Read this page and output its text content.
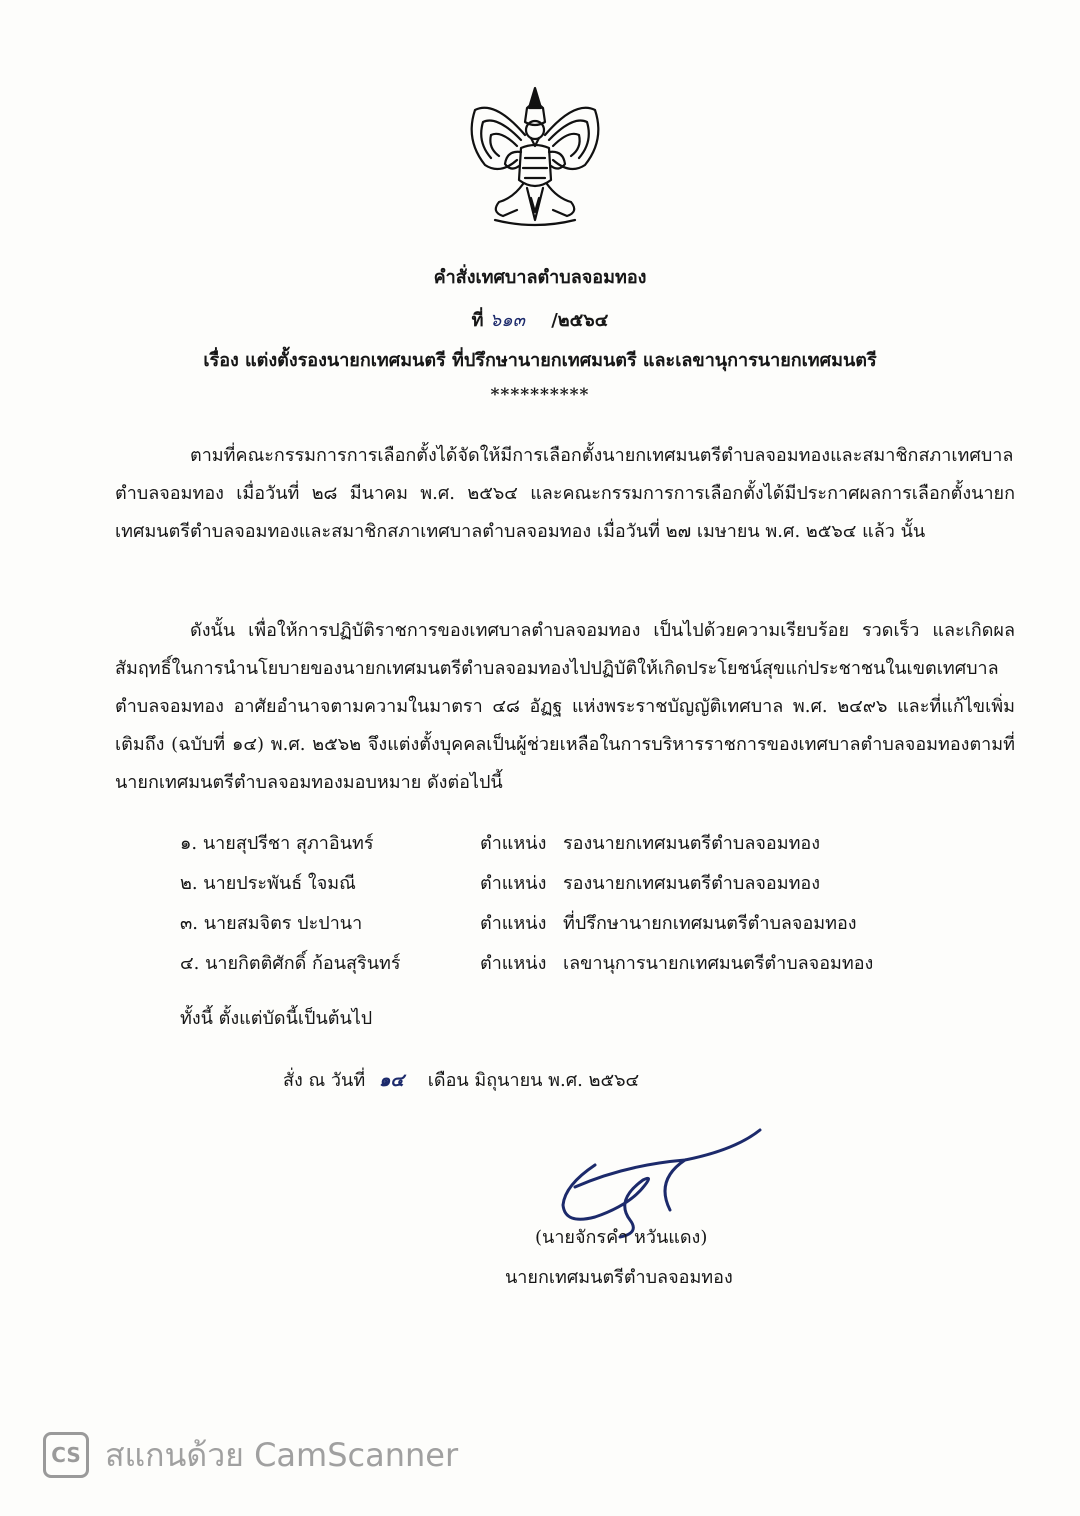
คำสั่งเทศบาลตำบลจอมทอง
ที่ ๖๑๓ /๒๕๖๔
เรื่อง แต่งตั้งรองนายกเทศมนตรี ที่ปรึกษานายกเทศมนตรี และเลขานุการนายกเทศมนตรี
**********

ตามที่คณะกรรมการการเลือกตั้งได้จัดให้มีการเลือกตั้งนายกเทศมนตรีตำบลจอมทองและสมาชิกสภาเทศบาลตำบลจอมทอง เมื่อวันที่ ๒๘ มีนาคม พ.ศ. ๒๕๖๔ และคณะกรรมการการเลือกตั้งได้มีประกาศผลการเลือกตั้งนายกเทศมนตรีตำบลจอมทองและสมาชิกสภาเทศบาลตำบลจอมทอง เมื่อวันที่ ๒๗ เมษายน พ.ศ. ๒๕๖๔ แล้ว นั้น

ดังนั้น เพื่อให้การปฏิบัติราชการของเทศบาลตำบลจอมทอง เป็นไปด้วยความเรียบร้อย รวดเร็ว และเกิดผลสัมฤทธิ์ในการนำนโยบายของนายกเทศมนตรีตำบลจอมทองไปปฏิบัติให้เกิดประโยชน์สุขแก่ประชาชนในเขตเทศบาลตำบลจอมทอง อาศัยอำนาจตามความในมาตรา ๔๘ อัฏฐ แห่งพระราชบัญญัติเทศบาล พ.ศ. ๒๔๙๖ และที่แก้ไขเพิ่มเติมถึง (ฉบับที่ ๑๔) พ.ศ. ๒๕๖๒ จึงแต่งตั้งบุคคลเป็นผู้ช่วยเหลือในการบริหารราชการของเทศบาลตำบลจอมทองตามที่นายกเทศมนตรีตำบลจอมทองมอบหมาย ดังต่อไปนี้

๑. นายสุปรีชา สุภาอินทร์	ตำแหน่ง รองนายกเทศมนตรีตำบลจอมทอง
๒. นายประพันธ์ ใจมณี	ตำแหน่ง รองนายกเทศมนตรีตำบลจอมทอง
๓. นายสมจิตร ปะปานา	ตำแหน่ง ที่ปรึกษานายกเทศมนตรีตำบลจอมทอง
๔. นายกิตติศักดิ์ ก้อนสุรินทร์	ตำแหน่ง เลขานุการนายกเทศมนตรีตำบลจอมทอง
ทั้งนี้ ตั้งแต่บัดนี้เป็นต้นไป
สั่ง ณ วันที่ ๑๔ เดือน มิถุนายน พ.ศ. ๒๕๖๔
(นายจักรคำ หวันแดง)
นายกเทศมนตรีตำบลจอมทอง
CS สแกนด้วย CamScanner
